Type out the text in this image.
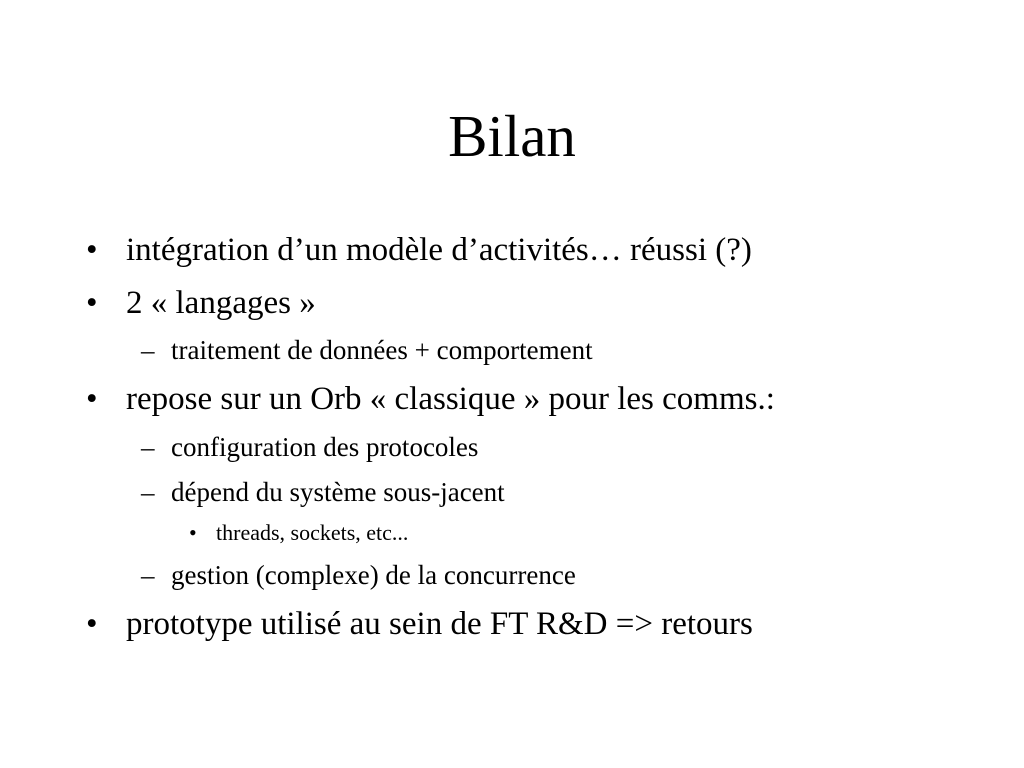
Bilan
• intégration d’un modèle d’activités… réussi (?)
• 2 « langages »
– traitement de données + comportement
• repose sur un Orb « classique » pour les comms.:
– configuration des protocoles
– dépend du système sous-jacent
• threads, sockets, etc...
– gestion (complexe) de la concurrence
• prototype utilisé au sein de FT R&D => retours
